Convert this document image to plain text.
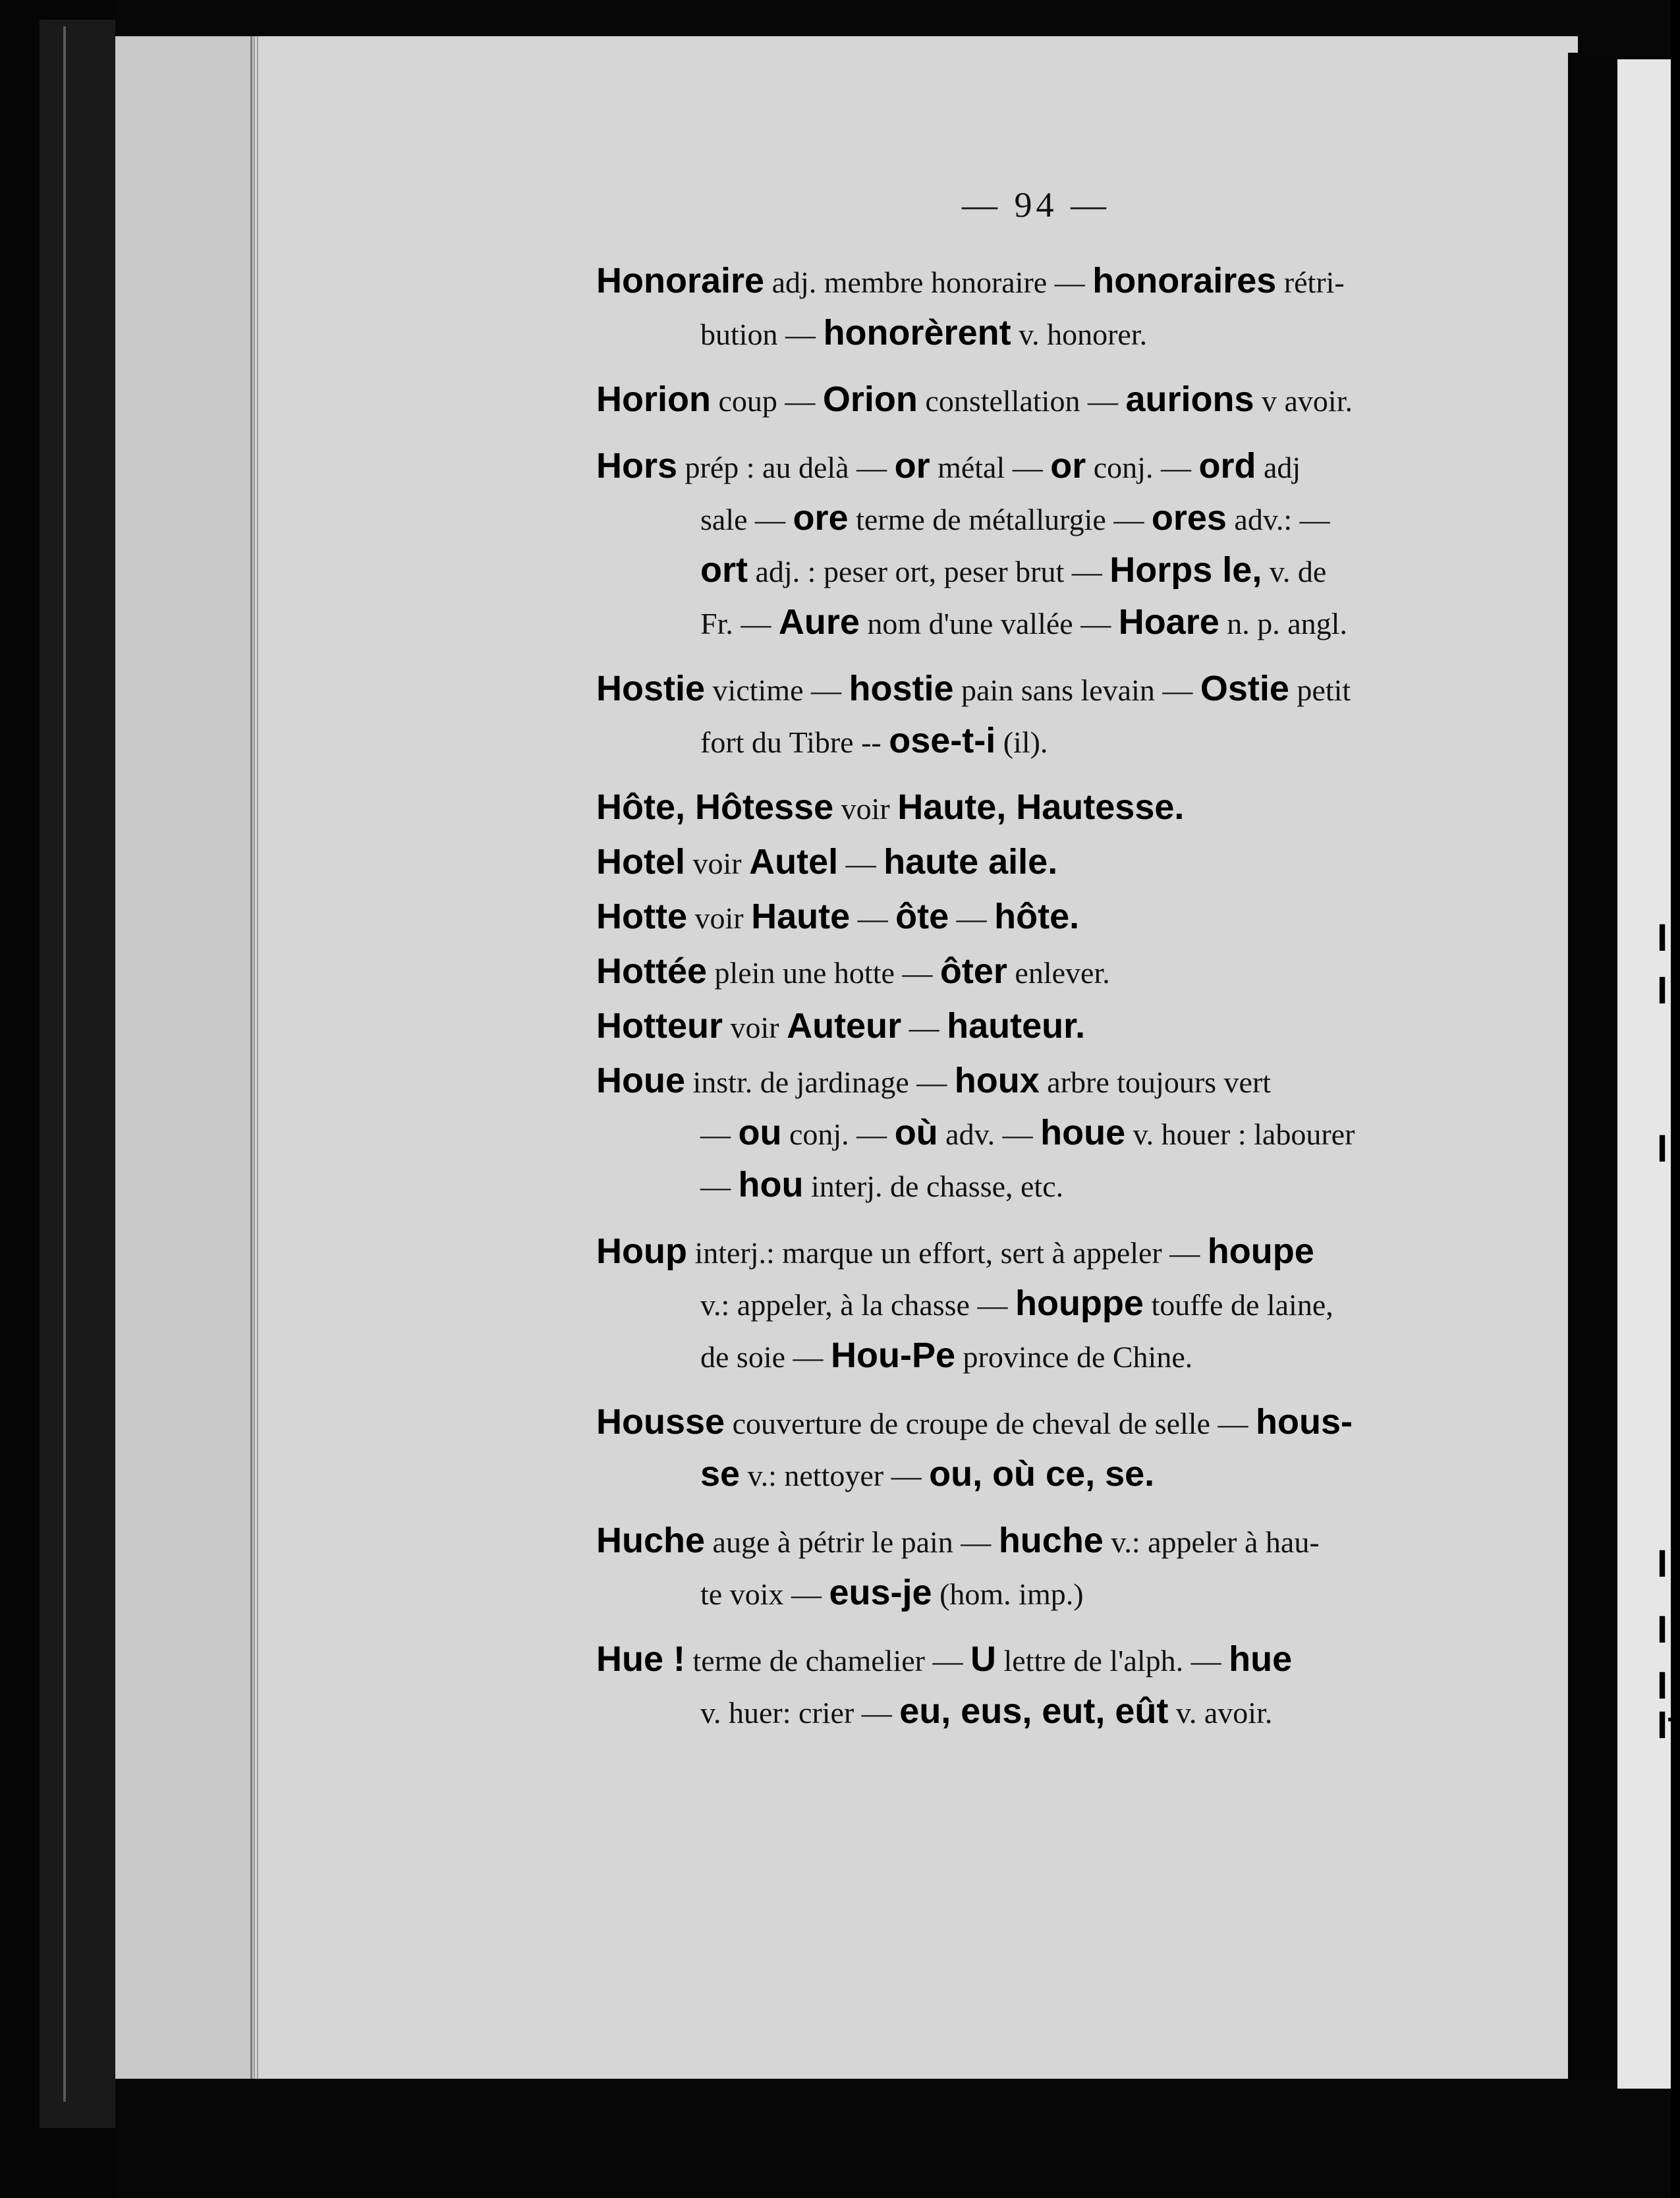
I
I
I
I
I
I
If
— 94 —
Honoraire adj. membre honoraire — honoraires rétri-
bution — honorèrent v. honorer.
Horion coup — Orion constellation — aurions v avoir.
Hors prép : au delà — or métal — or conj. — ord adj
sale — ore terme de métallurgie — ores adv.: —
ort adj. : peser ort, peser brut — Horps le, v. de
Fr. — Aure nom d'une vallée — Hoare n. p. angl.
Hostie victime — hostie pain sans levain — Ostie petit
fort du Tibre -- ose-t-i (il).
Hôte, Hôtesse voir Haute, Hautesse.
Hotel voir Autel — haute aile.
Hotte voir Haute — ôte — hôte.
Hottée plein une hotte — ôter enlever.
Hotteur voir Auteur — hauteur.
Houe instr. de jardinage — houx arbre toujours vert
— ou conj. — où adv. — houe v. houer : labourer
— hou interj. de chasse, etc.
Houp interj.: marque un effort, sert à appeler — houpe
v.: appeler, à la chasse — houppe touffe de laine,
de soie — Hou-Pe province de Chine.
Housse couverture de croupe de cheval de selle — hous-
se v.: nettoyer — ou, où ce, se.
Huche auge à pétrir le pain — huche v.: appeler à hau-
te voix — eus-je (hom. imp.)
Hue ! terme de chamelier — U lettre de l'alph. — hue
v. huer: crier — eu, eus, eut, eût v. avoir.
